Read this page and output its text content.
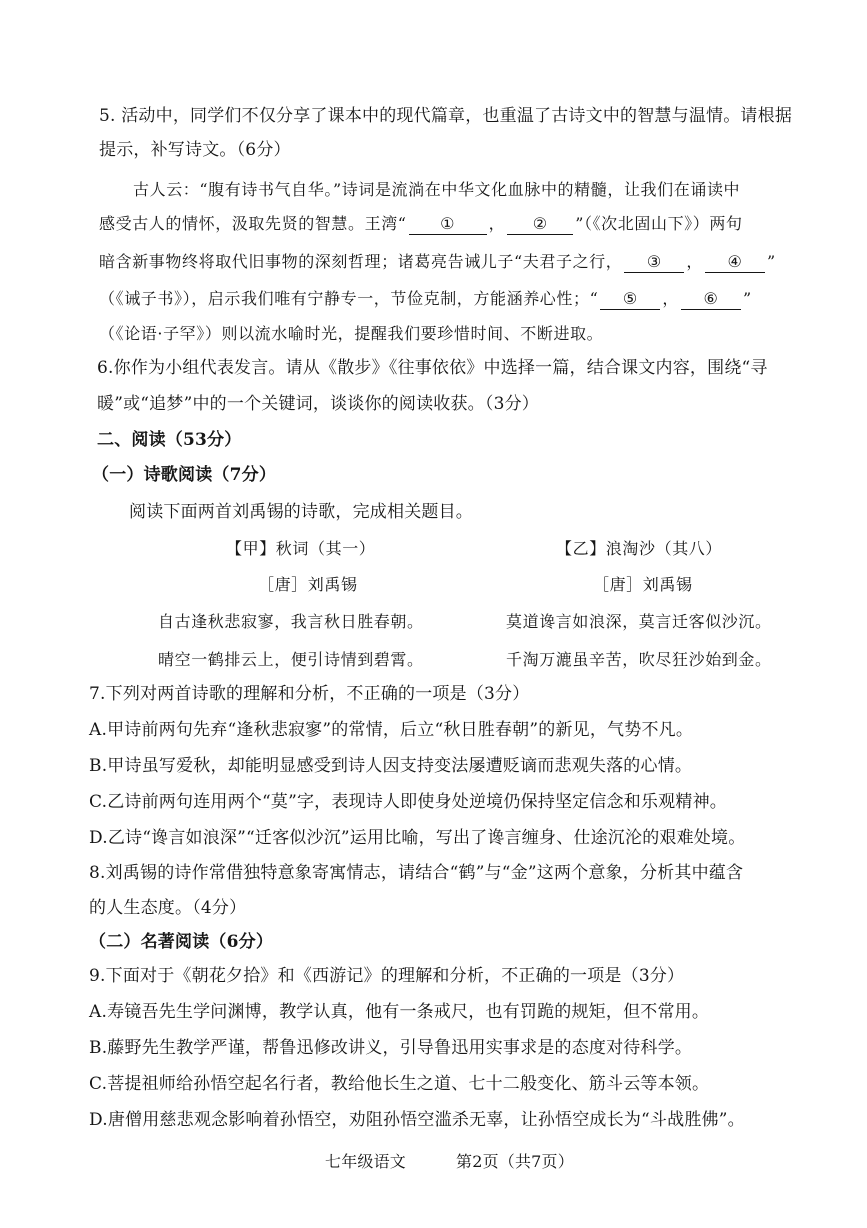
5. 活动中，同学们不仅分享了课本中的现代篇章，也重温了古诗文中的智慧与温情。请根据
提示，补写诗文。（6分）
古人云：“腹有诗书气自华。”诗词是流淌在中华文化血脉中的精髓，让我们在诵读中
感受古人的情怀，汲取先贤的智慧。王湾“ ① ， ② ”（《次北固山下》）两句
暗含新事物终将取代旧事物的深刻哲理；诸葛亮告诫儿子“夫君子之行， ③ ， ④ ”
（《诫子书》），启示我们唯有宁静专一，节俭克制，方能涵养心性；“ ⑤ ， ⑥ ”
（《论语·子罕》）则以流水喻时光，提醒我们要珍惜时间、不断进取。
6.你作为小组代表发言。请从《散步》《往事依依》中选择一篇，结合课文内容，围绕“寻
暖”或“追梦”中的一个关键词，谈谈你的阅读收获。（3分）
二、阅读（53分）
（一）诗歌阅读（7分）
阅读下面两首刘禹锡的诗歌，完成相关题目。
【甲】秋词（其一）
［唐］刘禹锡
自古逢秋悲寂寥，我言秋日胜春朝。
晴空一鹤排云上，便引诗情到碧霄。
【乙】浪淘沙（其八）
［唐］刘禹锡
莫道谗言如浪深，莫言迁客似沙沉。
千淘万漉虽辛苦，吹尽狂沙始到金。
7.下列对两首诗歌的理解和分析，不正确的一项是（3分）
A.甲诗前两句先弃“逢秋悲寂寥”的常情，后立“秋日胜春朝”的新见，气势不凡。
B.甲诗虽写爱秋，却能明显感受到诗人因支持变法屡遭贬谪而悲观失落的心情。
C.乙诗前两句连用两个“莫”字，表现诗人即使身处逆境仍保持坚定信念和乐观精神。
D.乙诗“谗言如浪深”“迁客似沙沉”运用比喻，写出了谗言缠身、仕途沉沦的艰难处境。
8.刘禹锡的诗作常借独特意象寄寓情志，请结合“鹤”与“金”这两个意象，分析其中蕴含
的人生态度。（4分）
（二）名著阅读（6分）
9.下面对于《朝花夕拾》和《西游记》的理解和分析，不正确的一项是（3分）
A.寿镜吾先生学问渊博，教学认真，他有一条戒尺，也有罚跪的规矩，但不常用。
B.藤野先生教学严谨，帮鲁迅修改讲义，引导鲁迅用实事求是的态度对待科学。
C.菩提祖师给孙悟空起名行者，教给他长生之道、七十二般变化、筋斗云等本领。
D.唐僧用慈悲观念影响着孙悟空，劝阻孙悟空滥杀无辜，让孙悟空成长为“斗战胜佛”。
七年级语文	第2页（共7页）
